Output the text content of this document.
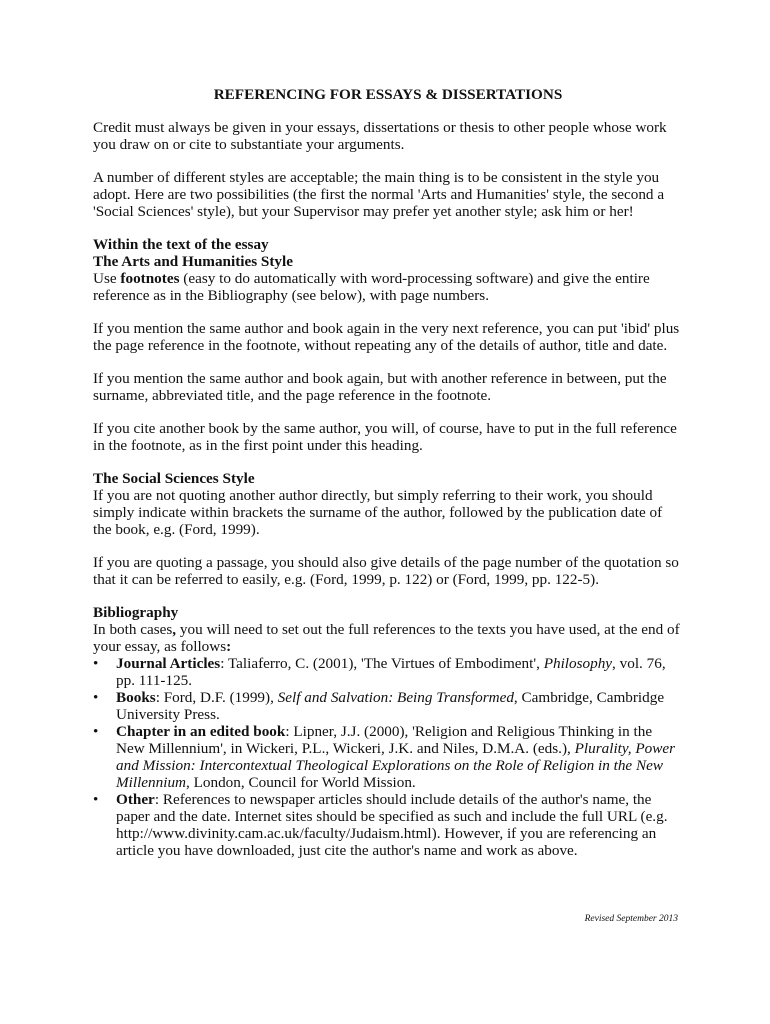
REFERENCING FOR ESSAYS & DISSERTATIONS

Credit must always be given in your essays, dissertations or thesis to other people whose work you draw on or cite to substantiate your arguments.

A number of different styles are acceptable; the main thing is to be consistent in the style you adopt. Here are two possibilities (the first the normal 'Arts and Humanities' style, the second a 'Social Sciences' style), but your Supervisor may prefer yet another style; ask him or her!

Within the text of the essay
The Arts and Humanities Style
Use footnotes (easy to do automatically with word-processing software) and give the entire reference as in the Bibliography (see below), with page numbers.

If you mention the same author and book again in the very next reference, you can put 'ibid' plus the page reference in the footnote, without repeating any of the details of author, title and date.

If you mention the same author and book again, but with another reference in between, put the surname, abbreviated title, and the page reference in the footnote.

If you cite another book by the same author, you will, of course, have to put in the full reference in the footnote, as in the first point under this heading.

The Social Sciences Style
If you are not quoting another author directly, but simply referring to their work, you should simply indicate within brackets the surname of the author, followed by the publication date of the book, e.g. (Ford, 1999).

If you are quoting a passage, you should also give details of the page number of the quotation so that it can be referred to easily, e.g. (Ford, 1999, p. 122) or (Ford, 1999, pp. 122-5).

Bibliography
In both cases, you will need to set out the full references to the texts you have used, at the end of your essay, as follows:

• Journal Articles: Taliaferro, C. (2001), 'The Virtues of Embodiment', Philosophy, vol. 76, pp. 111-125.
• Books: Ford, D.F. (1999), Self and Salvation: Being Transformed, Cambridge, Cambridge University Press.
• Chapter in an edited book: Lipner, J.J. (2000), 'Religion and Religious Thinking in the New Millennium', in Wickeri, P.L., Wickeri, J.K. and Niles, D.M.A. (eds.), Plurality, Power and Mission: Intercontextual Theological Explorations on the Role of Religion in the New Millennium, London, Council for World Mission.
• Other: References to newspaper articles should include details of the author's name, the paper and the date. Internet sites should be specified as such and include the full URL (e.g. http://www.divinity.cam.ac.uk/faculty/Judaism.html). However, if you are referencing an article you have downloaded, just cite the author's name and work as above.
Revised September 2013
